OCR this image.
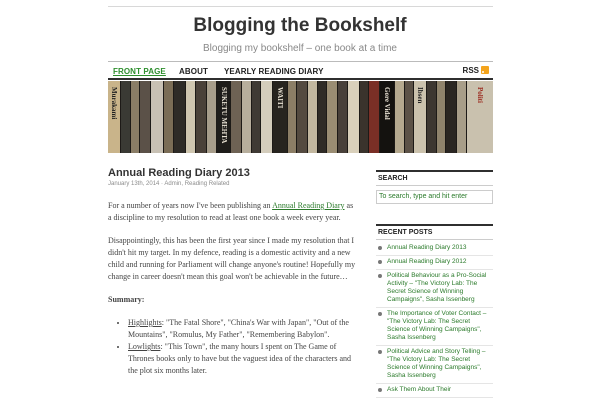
Blogging the Bookshelf
Blogging my bookshelf – one book at a time
FRONT PAGE ABOUT YEARLY READING DIARY	RSS
Murakami	SUKETU MEHTA	WAITI	Gore Vidal	Ibsen	Politi
Annual Reading Diary 2013
January 13th, 2014 · Admin, Reading Related

For a number of years now I've been publishing an Annual Reading Diary as a discipline to my resolution to read at least one book a week every year.

Disappointingly, this has been the first year since I made my resolution that I didn't hit my target. In my defence, reading is a domestic activity and a new child and running for Parliament will change anyone's routine! Hopefully my change in career doesn't mean this goal won't be achievable in the future…

Summary:

• Highlights: "The Fatal Shore", "China's War with Japan", "Out of the Mountains", "Romulus, My Father", "Remembering Babylon".
• Lowlights: "This Town", the many hours I spent on The Game of Thrones books only to have but the vaguest idea of the characters and the plot six months later.
SEARCH
To search, type and hit enter
RECENT POSTS
Annual Reading Diary 2013
Annual Reading Diary 2012
Political Behaviour as a Pro-Social Activity – "The Victory Lab: The Secret Science of Winning Campaigns", Sasha Issenberg
The Importance of Voter Contact – "The Victory Lab: The Secret Science of Winning Campaigns", Sasha Issenberg
Political Advice and Story Telling – "The Victory Lab: The Secret Science of Winning Campaigns", Sasha Issenberg
Ask Them About Their
